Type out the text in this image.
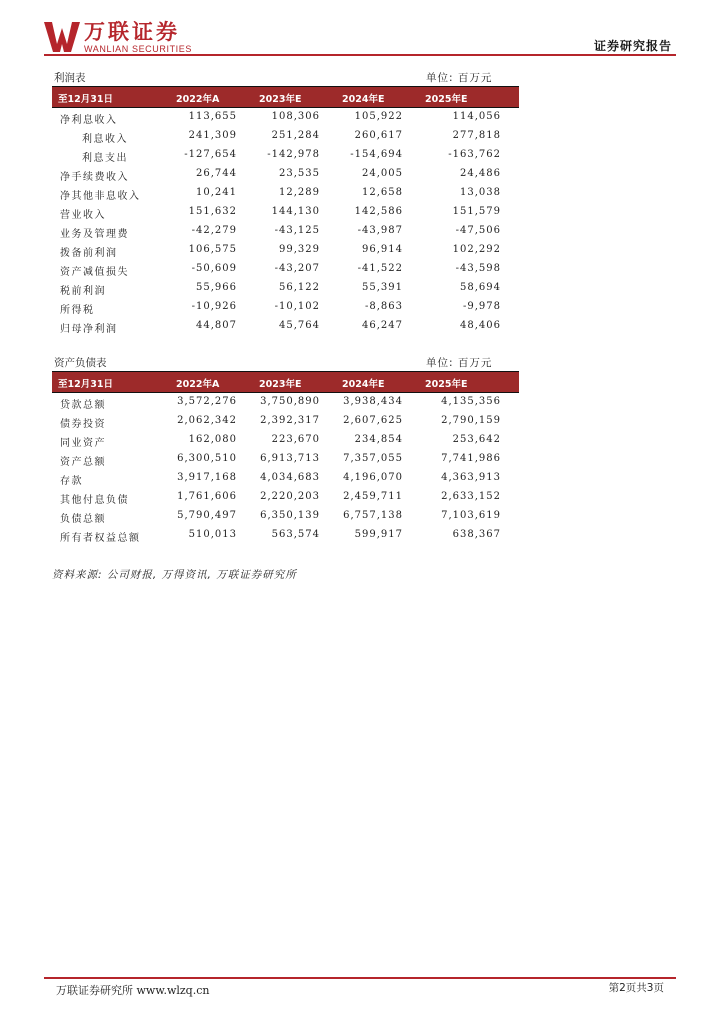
万联证券
WANLIAN SECURITIES	证券研究报告
利润表	单位: 百万元
至12月31日	2022年A	2023年E	2024年E	2025年E
净利息收入	113,655	108,306	105,922	114,056
利息收入	241,309	251,284	260,617	277,818
利息支出	-127,654	-142,978	-154,694	-163,762
净手续费收入	26,744	23,535	24,005	24,486
净其他非息收入	10,241	12,289	12,658	13,038
营业收入	151,632	144,130	142,586	151,579
业务及管理费	-42,279	-43,125	-43,987	-47,506
拨备前利润	106,575	99,329	96,914	102,292
资产减值损失	-50,609	-43,207	-41,522	-43,598
税前利润	55,966	56,122	55,391	58,694
所得税	-10,926	-10,102	-8,863	-9,978
归母净利润	44,807	45,764	46,247	48,406
资产负债表	单位: 百万元
至12月31日	2022年A	2023年E	2024年E	2025年E
贷款总额	3,572,276 3,750,890 3,938,434	4,135,356
债券投资	2,062,342 2,392,317 2,607,625	2,790,159
同业资产	162,080	223,670	234,854	253,642
资产总额	6,300,510 6,913,713 7,357,055	7,741,986
存款	3,917,168 4,034,683 4,196,070	4,363,913
其他付息负债	1,761,606 2,220,203 2,459,711	2,633,152
负债总额	5,790,497 6,350,139 6,757,138	7,103,619
所有者权益总额	510,013	563,574	599,917	638,367
资料来源: 公司财报, 万得资讯, 万联证券研究所
万联证券研究所 www.wlzq.cn	第2页共3页
